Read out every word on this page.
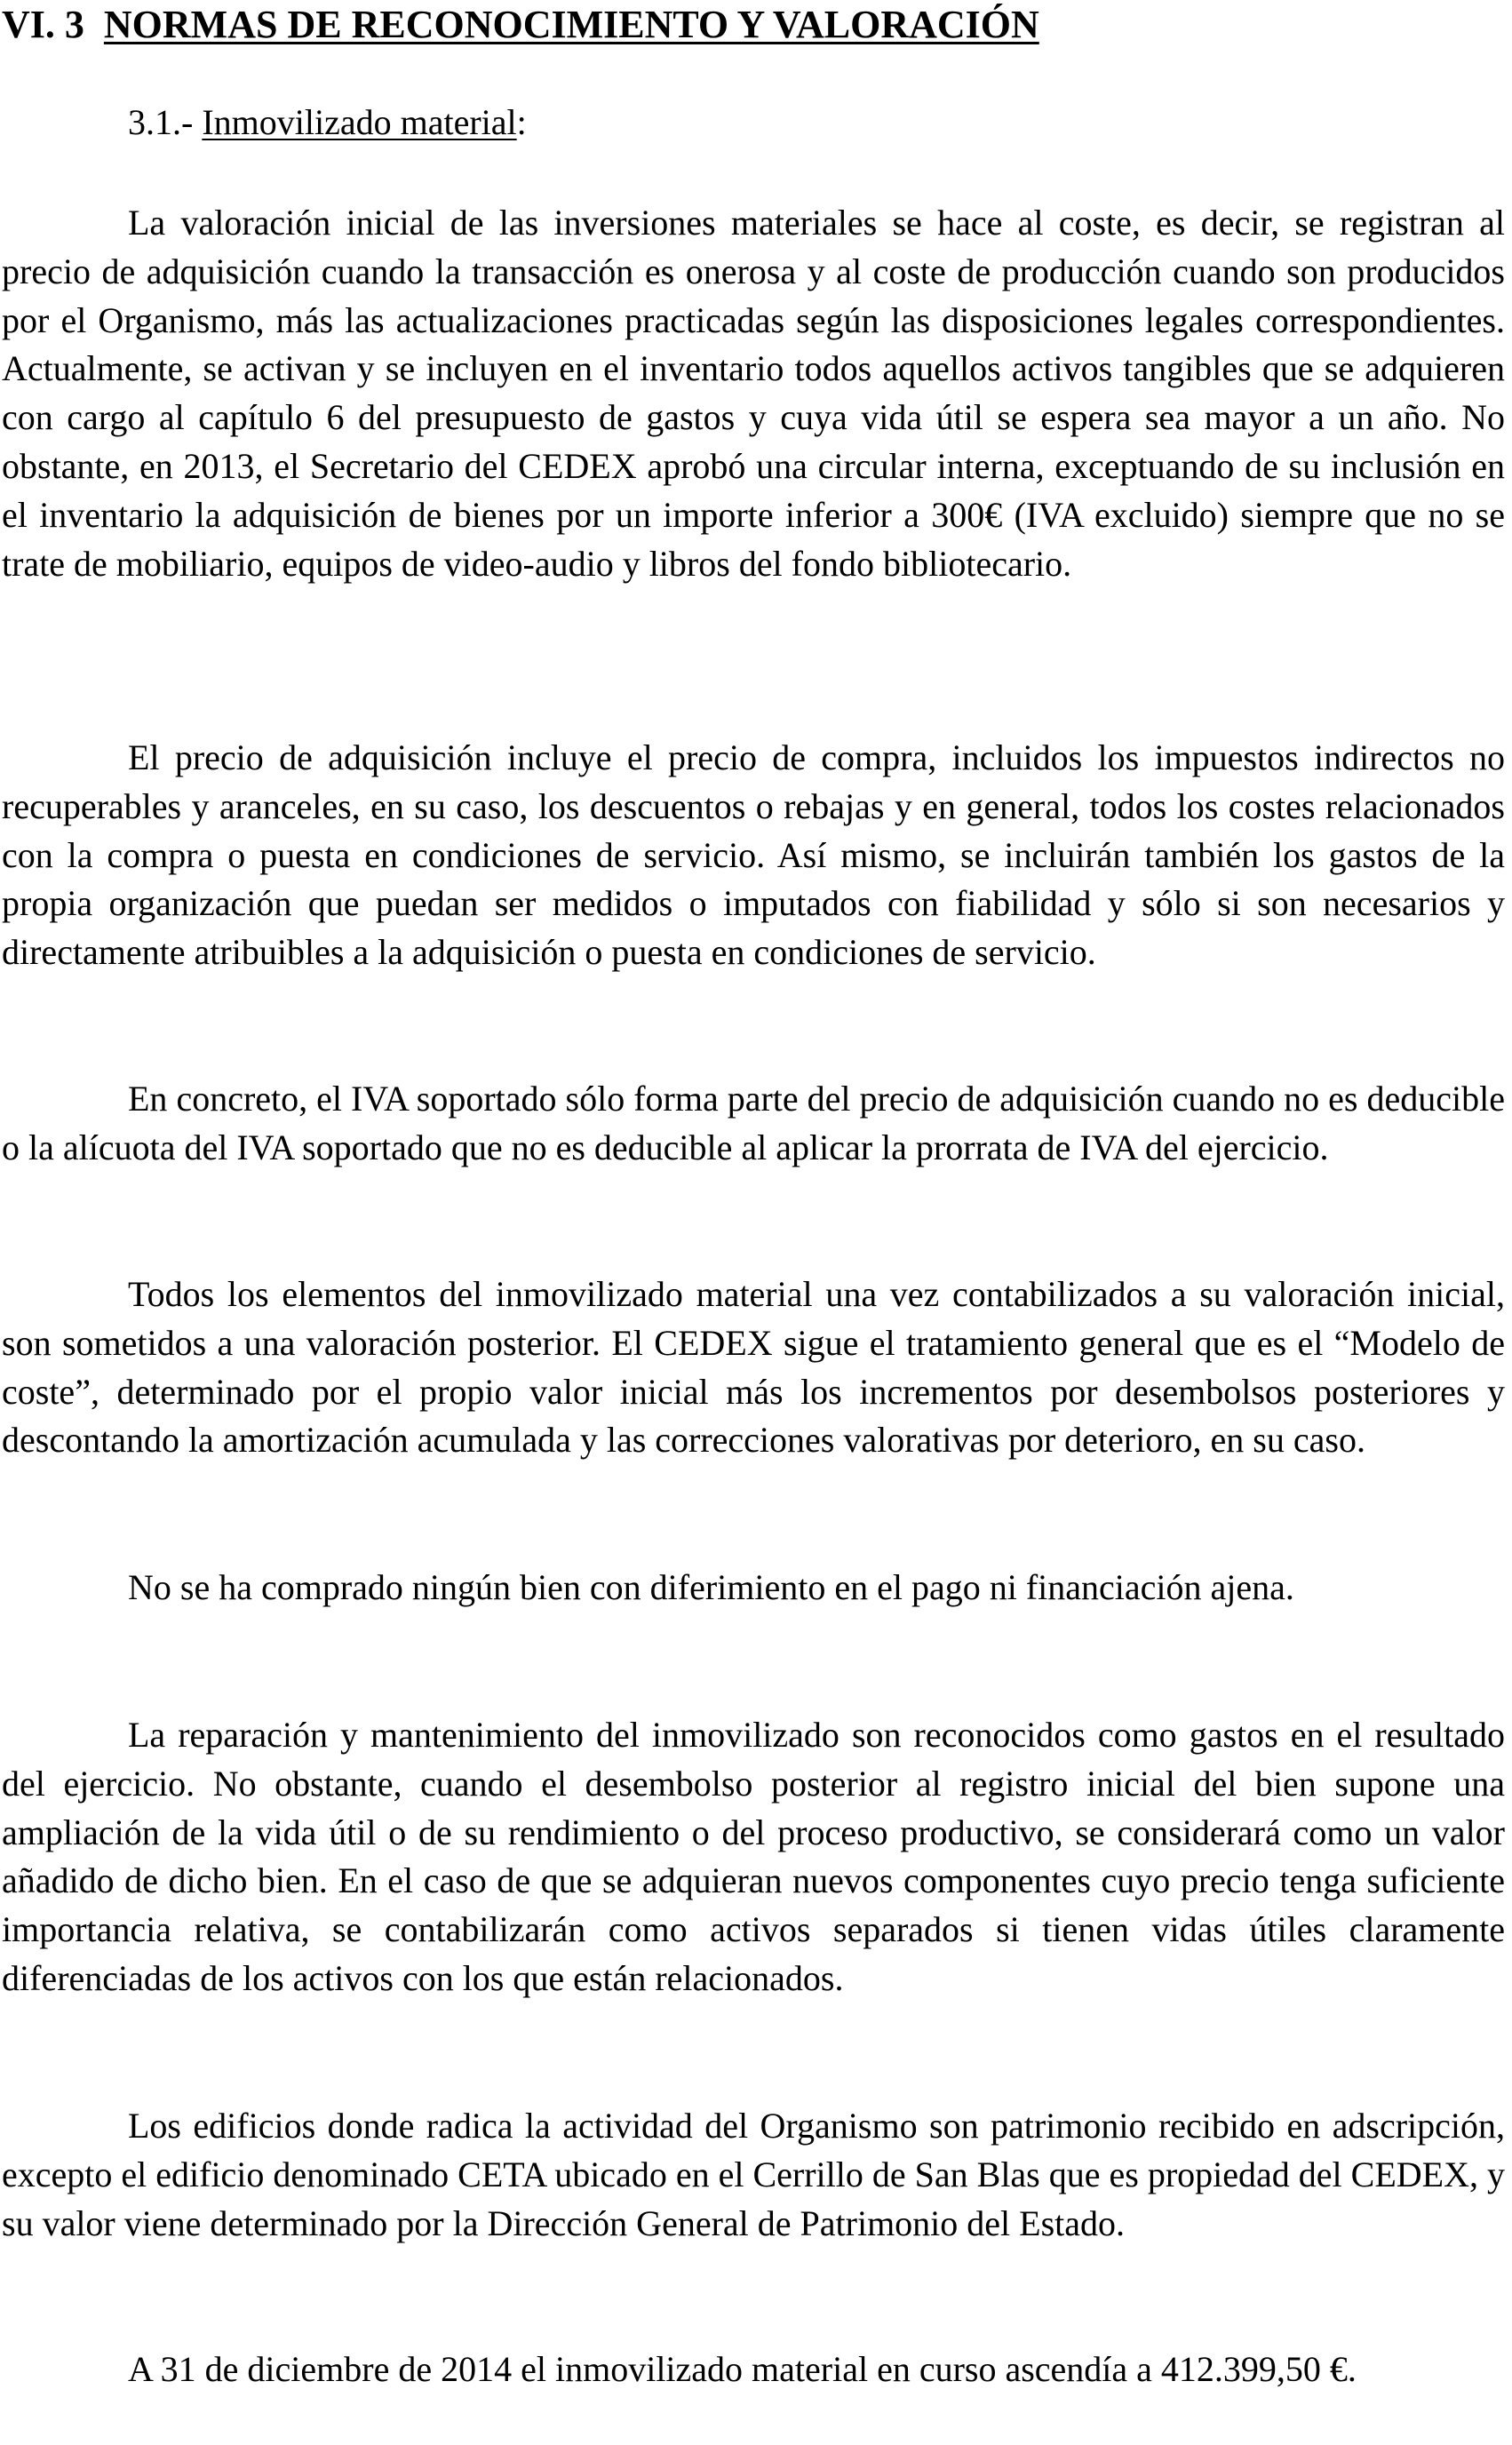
VI. 3 NORMAS DE RECONOCIMIENTO Y VALORACIÓN
3.1.- Inmovilizado material:

La valoración inicial de las inversiones materiales se hace al coste, es decir, se registran al precio de adquisición cuando la transacción es onerosa y al coste de producción cuando son producidos por el Organismo, más las actualizaciones practicadas según las disposiciones legales correspondientes. Actualmente, se activan y se incluyen en el inventario todos aquellos activos tangibles que se adquieren con cargo al capítulo 6 del presupuesto de gastos y cuya vida útil se espera sea mayor a un año. No obstante, en 2013, el Secretario del CEDEX aprobó una circular interna, exceptuando de su inclusión en el inventario la adquisición de bienes por un importe inferior a 300€ (IVA excluido) siempre que no se trate de mobiliario, equipos de video-audio y libros del fondo bibliotecario.

El precio de adquisición incluye el precio de compra, incluidos los impuestos indirectos no recuperables y aranceles, en su caso, los descuentos o rebajas y en general, todos los costes relacionados con la compra o puesta en condiciones de servicio. Así mismo, se incluirán también los gastos de la propia organización que puedan ser medidos o imputados con fiabilidad y sólo si son necesarios y directamente atribuibles a la adquisición o puesta en condiciones de servicio.

En concreto, el IVA soportado sólo forma parte del precio de adquisición cuando no es deducible o la alícuota del IVA soportado que no es deducible al aplicar la prorrata de IVA del ejercicio.

Todos los elementos del inmovilizado material una vez contabilizados a su valoración inicial, son sometidos a una valoración posterior. El CEDEX sigue el tratamiento general que es el “Modelo de coste”, determinado por el propio valor inicial más los incrementos por desembolsos posteriores y descontando la amortización acumulada y las correcciones valorativas por deterioro, en su caso.

No se ha comprado ningún bien con diferimiento en el pago ni financiación ajena.

La reparación y mantenimiento del inmovilizado son reconocidos como gastos en el resultado del ejercicio. No obstante, cuando el desembolso posterior al registro inicial del bien supone una ampliación de la vida útil o de su rendimiento o del proceso productivo, se considerará como un valor añadido de dicho bien. En el caso de que se adquieran nuevos componentes cuyo precio tenga suficiente importancia relativa, se contabilizarán como activos separados si tienen vidas útiles claramente diferenciadas de los activos con los que están relacionados.

Los edificios donde radica la actividad del Organismo son patrimonio recibido en adscripción, excepto el edificio denominado CETA ubicado en el Cerrillo de San Blas que es propiedad del CEDEX, y su valor viene determinado por la Dirección General de Patrimonio del Estado.

A 31 de diciembre de 2014 el inmovilizado material en curso ascendía a 412.399,50 €.
